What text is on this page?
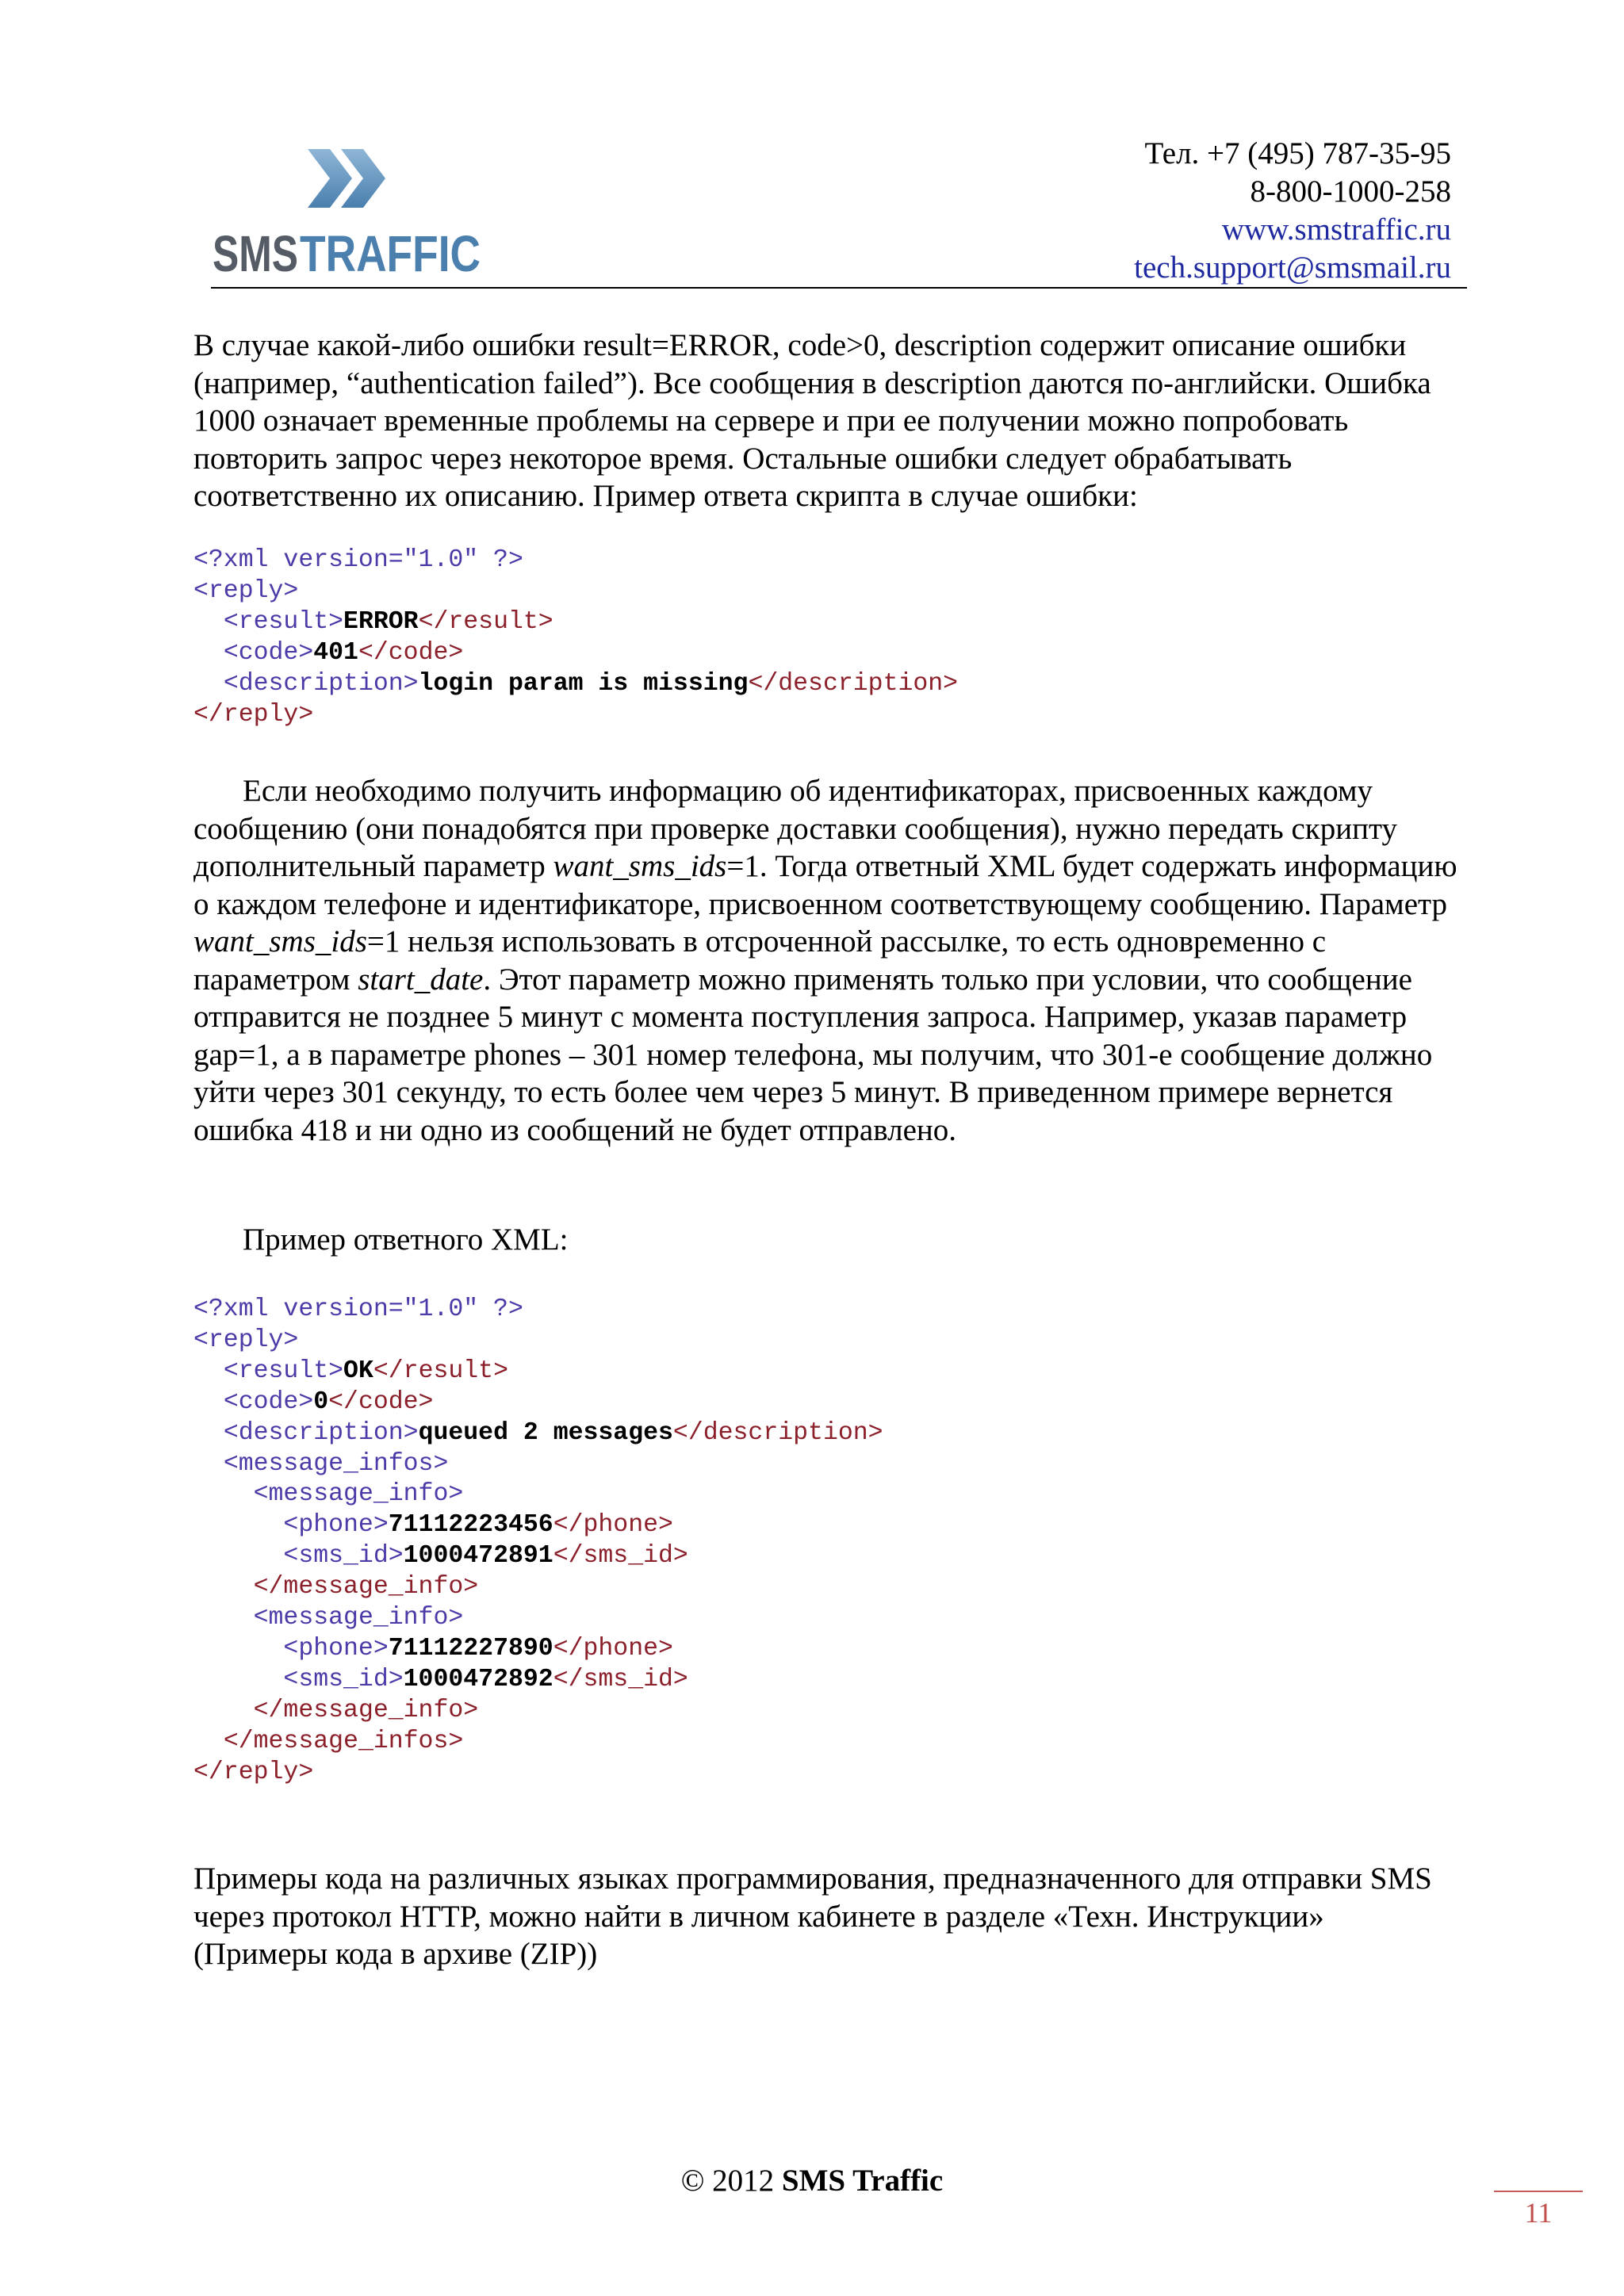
SMS TRAFFIC
Тел. +7 (495) 787-35-95
8-800-1000-258
www.smstraffic.ru
tech.support@smsmail.ru

В случае какой-либо ошибки result=ERROR, code>0, description содержит описание ошибки (например, “authentication failed”). Все сообщения в description даются по-английски. Ошибка 1000 означает временные проблемы на сервере и при ее получении можно попробовать повторить запрос через некоторое время. Остальные ошибки следует обрабатывать соответственно их описанию. Пример ответа скрипта в случае ошибки:

<?xml version="1.0" ?>
<reply>
<result>ERROR</result>
<code>401</code>
<description>login param is missing</description>
</reply>

Если необходимо получить информацию об идентификаторах, присвоенных каждому сообщению (они понадобятся при проверке доставки сообщения), нужно передать скрипту дополнительный параметр want_sms_ids=1. Тогда ответный XML будет содержать информацию о каждом телефоне и идентификаторе, присвоенном соответствующему сообщению. Параметр want_sms_ids=1 нельзя использовать в отсроченной рассылке, то есть одновременно с параметром start_date. Этот параметр можно применять только при условии, что сообщение отправится не позднее 5 минут с момента поступления запроса. Например, указав параметр gap=1, а в параметре phones – 301 номер телефона, мы получим, что 301-е сообщение должно уйти через 301 секунду, то есть более чем через 5 минут. В приведенном примере вернется ошибка 418 и ни одно из сообщений не будет отправлено.

Пример ответного XML:

<?xml version="1.0" ?>
<reply>
<result>OK</result>
<code>0</code>
<description>queued 2 messages</description>
<message_infos>
<message_info>
<phone>71112223456</phone>
<sms_id>1000472891</sms_id>
</message_info>
<message_info>
<phone>71112227890</phone>
<sms_id>1000472892</sms_id>
</message_info>
</message_infos>
</reply>

Примеры кода на различных языках программирования, предназначенного для отправки SMS через протокол HTTP, можно найти в личном кабинете в разделе «Техн. Инструкции» (Примеры кода в архиве (ZIP))

© 2012 SMS Traffic
11
